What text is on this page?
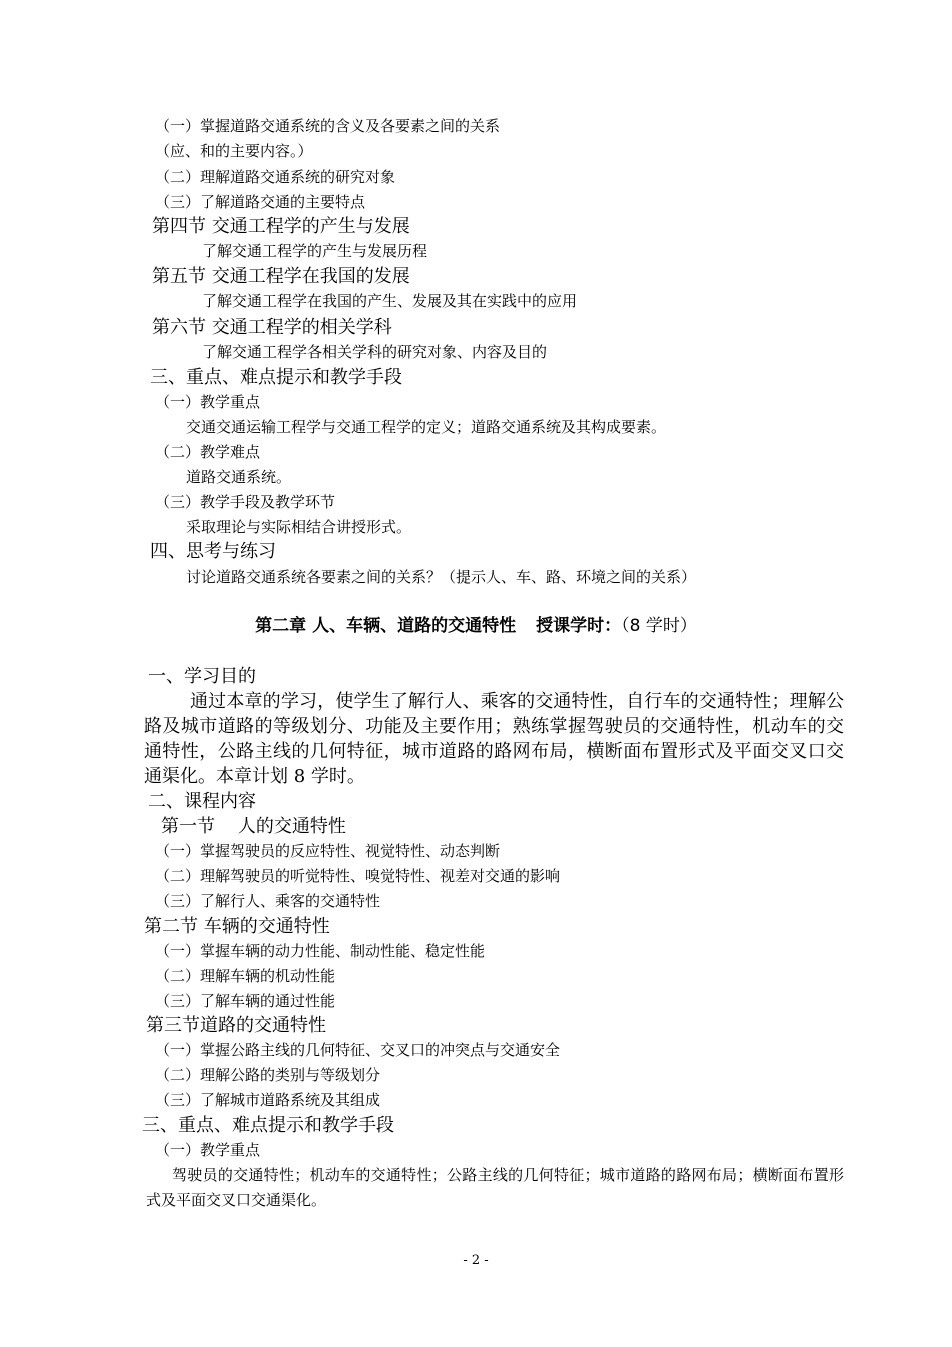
（一）掌握道路交通系统的含义及各要素之间的关系
（应、和的主要内容。）
（二）理解道路交通系统的研究对象
（三）了解道路交通的主要特点
第四节 交通工程学的产生与发展
了解交通工程学的产生与发展历程
第五节 交通工程学在我国的发展
了解交通工程学在我国的产生、发展及其在实践中的应用
第六节 交通工程学的相关学科
了解交通工程学各相关学科的研究对象、内容及目的
三、重点、难点提示和教学手段
（一）教学重点
交通交通运输工程学与交通工程学的定义；道路交通系统及其构成要素。
（二）教学难点
道路交通系统。
（三）教学手段及教学环节
采取理论与实际相结合讲授形式。
四、思考与练习
讨论道路交通系统各要素之间的关系？（提示人、车、路、环境之间的关系）
第二章 人、车辆、道路的交通特性 授课学时：（8 学时）
一、学习目的
通过本章的学习，使学生了解行人、乘客的交通特性，自行车的交通特性；理解公路及城市道路的等级划分、功能及主要作用；熟练掌握驾驶员的交通特性，机动车的交通特性，公路主线的几何特征，城市道路的路网布局，横断面布置形式及平面交叉口交通渠化。本章计划 8 学时。
二、课程内容
第一节    人的交通特性
（一）掌握驾驶员的反应特性、视觉特性、动态判断
（二）理解驾驶员的听觉特性、嗅觉特性、视差对交通的影响
（三）了解行人、乘客的交通特性
第二节 车辆的交通特性
（一）掌握车辆的动力性能、制动性能、稳定性能
（二）理解车辆的机动性能
（三）了解车辆的通过性能
第三节道路的交通特性
（一）掌握公路主线的几何特征、交叉口的冲突点与交通安全
（二）理解公路的类别与等级划分
（三）了解城市道路系统及其组成
三、重点、难点提示和教学手段
（一）教学重点
驾驶员的交通特性；机动车的交通特性；公路主线的几何特征；城市道路的路网布局；横断面布置形式及平面交叉口交通渠化。
- 2 -
